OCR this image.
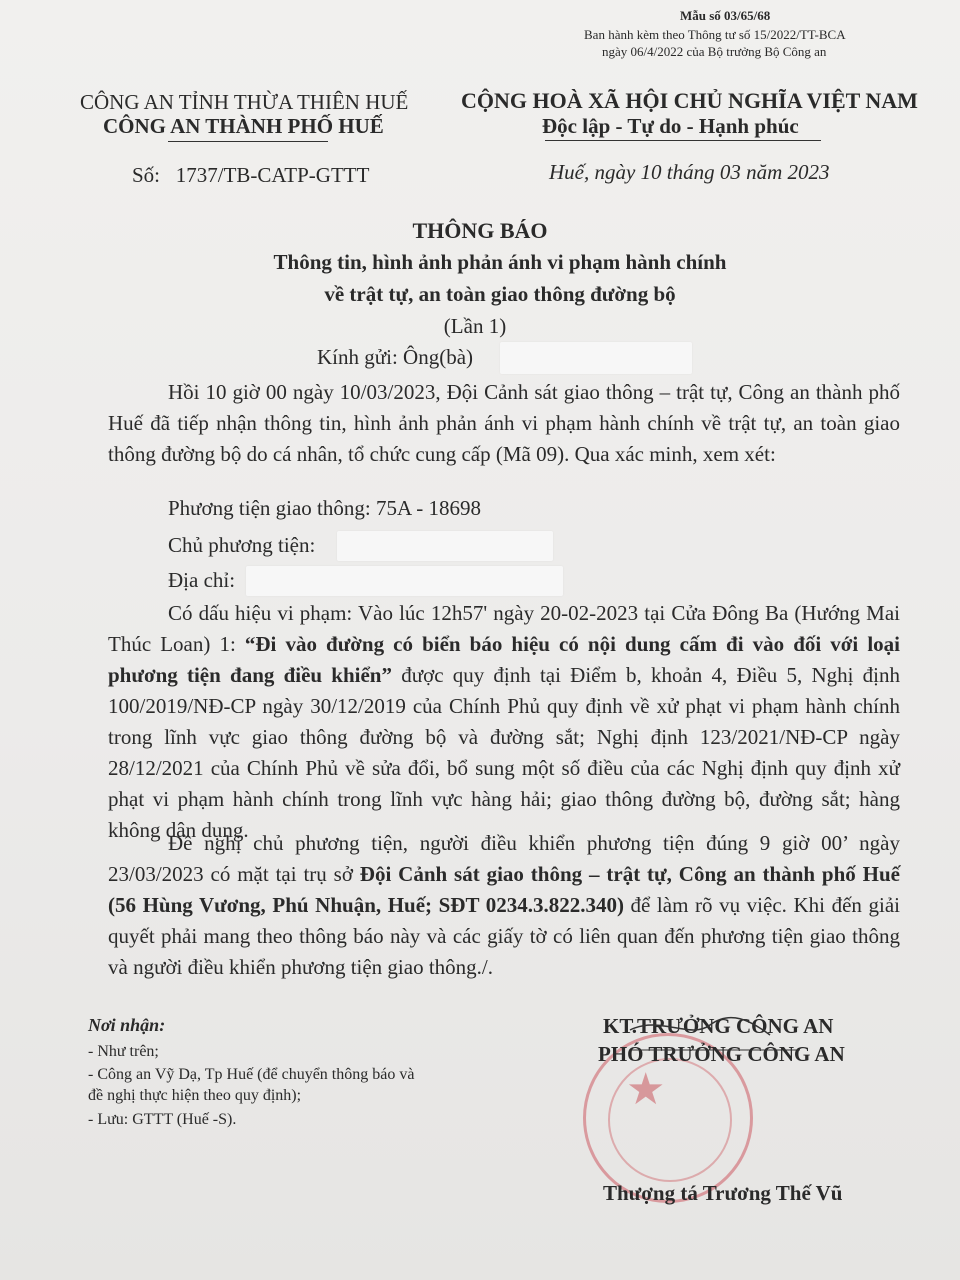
Mẫu số 03/65/68
Ban hành kèm theo Thông tư số 15/2022/TT-BCA
ngày 06/4/2022 của Bộ trưởng Bộ Công an
CÔNG AN TỈNH THỪA THIÊN HUẾ
CÔNG AN THÀNH PHỐ HUẾ
Số: 1737/TB-CATP-GTTT
CỘNG HOÀ XÃ HỘI CHỦ NGHĨA VIỆT NAM
Độc lập - Tự do - Hạnh phúc
Huế, ngày 10 tháng 03 năm 2023
THÔNG BÁO
Thông tin, hình ảnh phản ánh vi phạm hành chính
về trật tự, an toàn giao thông đường bộ
(Lần 1)
Kính gửi: Ông(bà)
Hồi 10 giờ 00 ngày 10/03/2023, Đội Cảnh sát giao thông – trật tự, Công an thành phố Huế đã tiếp nhận thông tin, hình ảnh phản ánh vi phạm hành chính về trật tự, an toàn giao thông đường bộ do cá nhân, tổ chức cung cấp (Mã 09). Qua xác minh, xem xét:
Phương tiện giao thông: 75A - 18698
Chủ phương tiện:
Địa chỉ:
Có dấu hiệu vi phạm: Vào lúc 12h57' ngày 20-02-2023 tại Cửa Đông Ba (Hướng Mai Thúc Loan) 1: “Đi vào đường có biển báo hiệu có nội dung cấm đi vào đối với loại phương tiện đang điều khiển” được quy định tại Điểm b, khoản 4, Điều 5, Nghị định 100/2019/NĐ-CP ngày 30/12/2019 của Chính Phủ quy định về xử phạt vi phạm hành chính trong lĩnh vực giao thông đường bộ và đường sắt; Nghị định 123/2021/NĐ-CP ngày 28/12/2021 của Chính Phủ về sửa đổi, bổ sung một số điều của các Nghị định quy định xử phạt vi phạm hành chính trong lĩnh vực hàng hải; giao thông đường bộ, đường sắt; hàng không dân dụng.
Đề nghị chủ phương tiện, người điều khiển phương tiện đúng 9 giờ 00’ ngày 23/03/2023 có mặt tại trụ sở Đội Cảnh sát giao thông – trật tự, Công an thành phố Huế (56 Hùng Vương, Phú Nhuận, Huế; SĐT 0234.3.822.340) để làm rõ vụ việc. Khi đến giải quyết phải mang theo thông báo này và các giấy tờ có liên quan đến phương tiện giao thông và người điều khiển phương tiện giao thông./.
Nơi nhận:
- Như trên;
- Công an Vỹ Dạ, Tp Huế (để chuyển thông báo và
đề nghị thực hiện theo quy định);
- Lưu: GTTT (Huế -S).
★
KT.TRƯỞNG CÔNG AN
PHÓ TRƯỞNG CÔNG AN
Thượng tá Trương Thế Vũ
